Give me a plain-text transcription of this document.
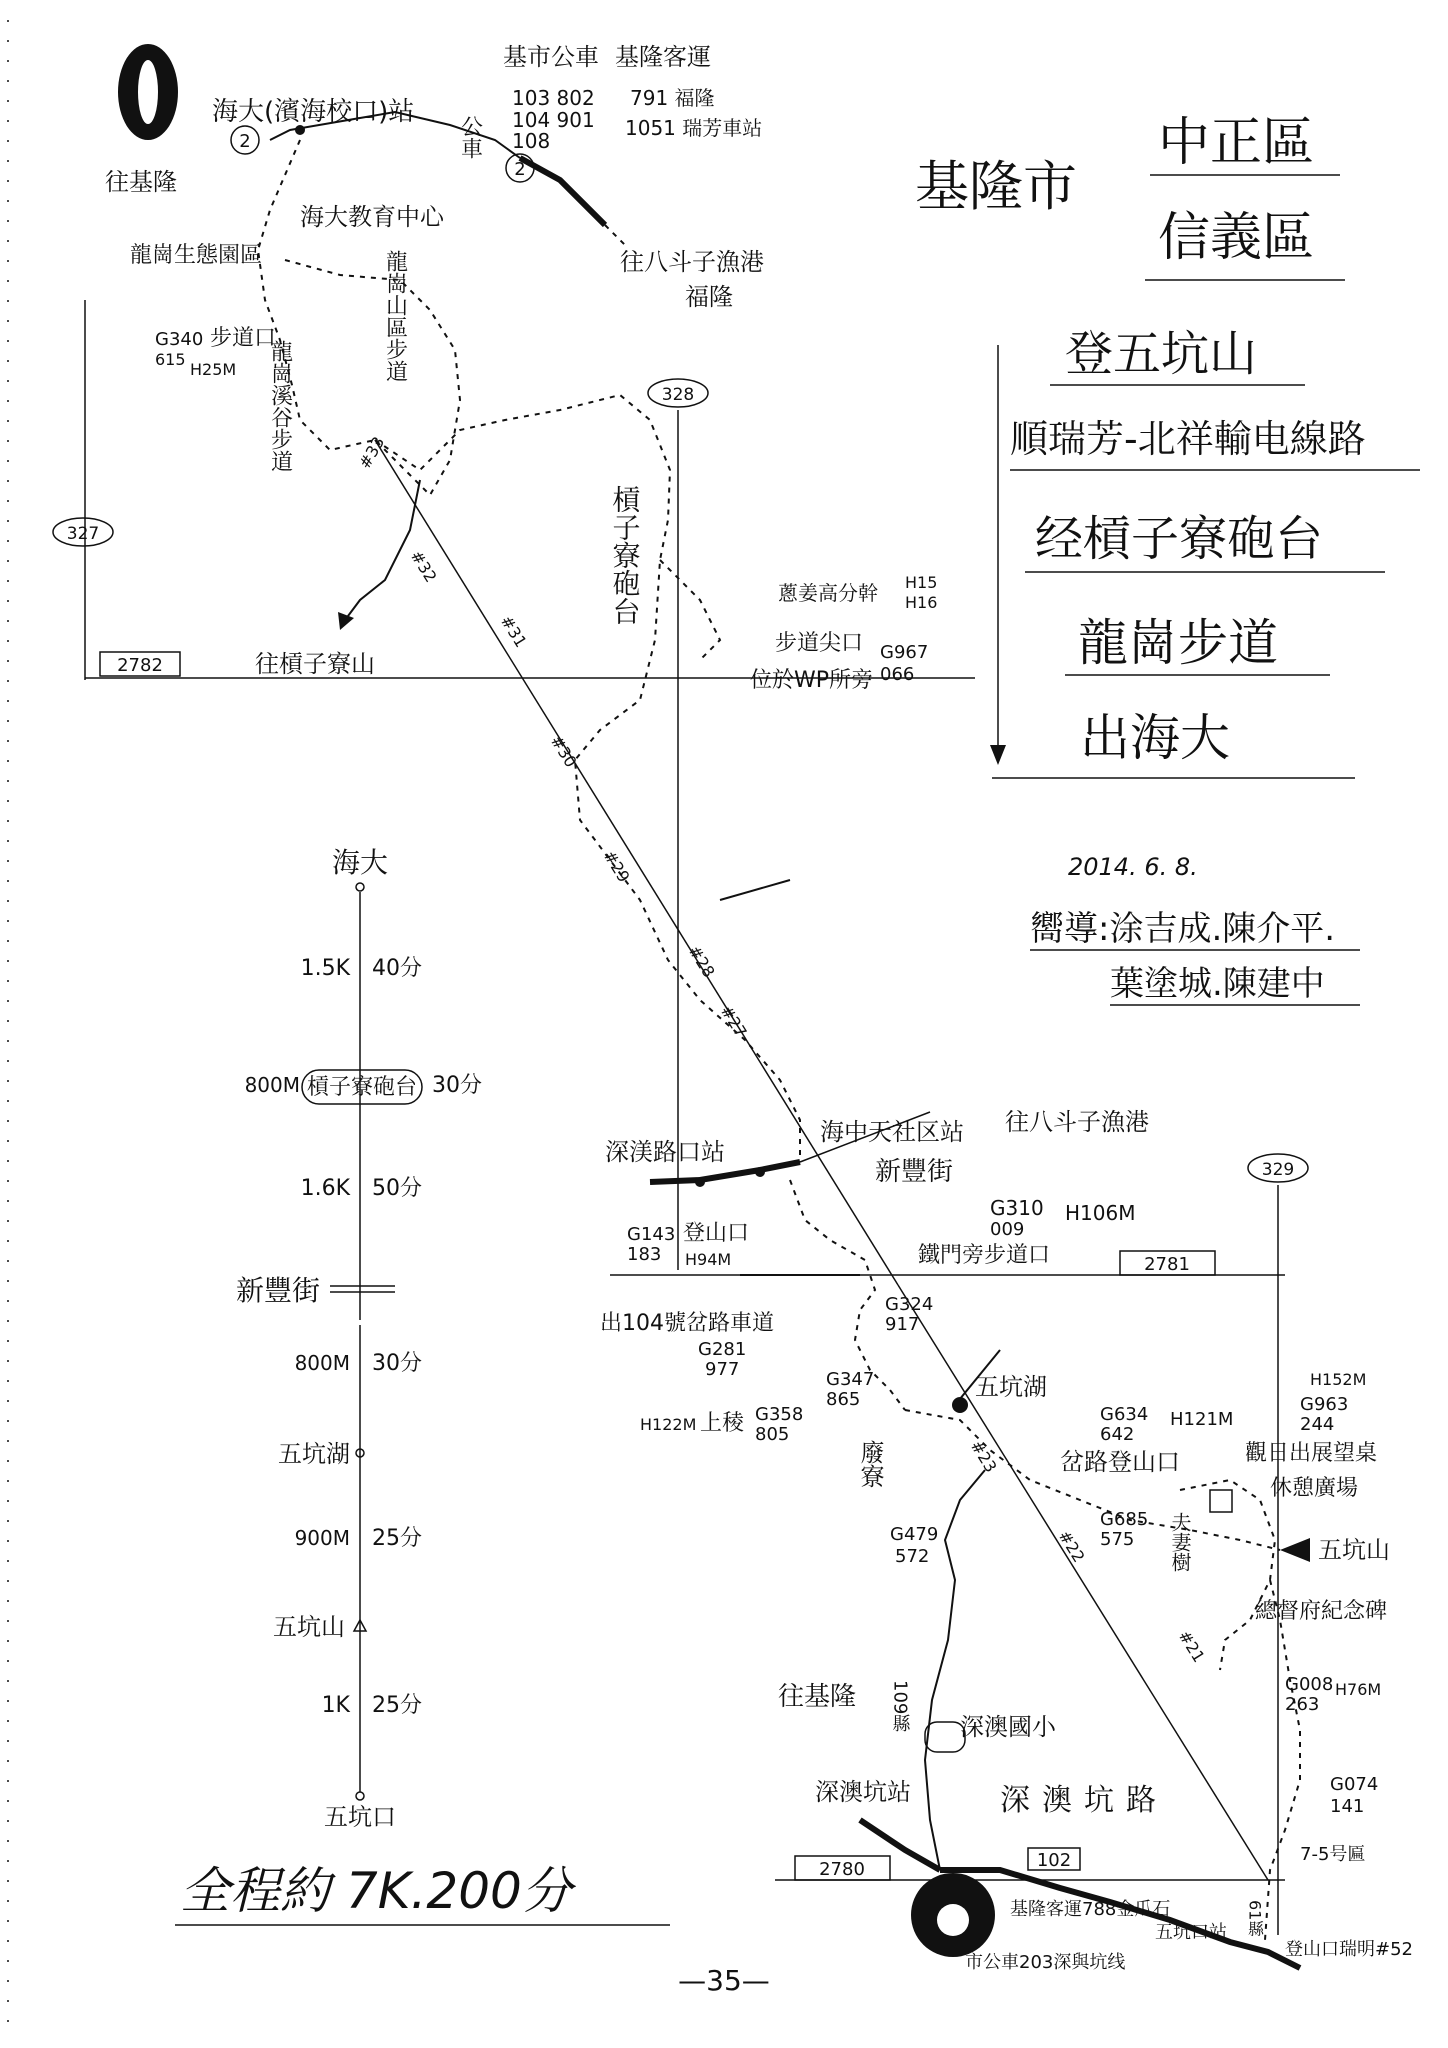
327
328
329
2782
2781
2780
基隆市
中正區
信義區
登五坑山
順瑞芳-北祥輸电線路
经槓子寮砲台
龍崗步道
出海大
2014. 6. 8.
嚮導:涂吉成.陳介平.
葉塗城.陳建中
海大(濱海校口)站
2
2
基市公車
公車
103 802
104 901
108
基隆客運
791 福隆
1051 瑞芳車站
往基隆
往八斗子漁港
福隆
海大教育中心
龍崗生態園區
G340
615
步道口
H25M 龍崗溪谷步道
龍崗山區步道
往槓子寮山
槓子寮砲台	蔥姜高分幹 H15
H16
步道尖口 G967
066
位於WP所旁
深渼路口站
海中天社区站 往八斗子漁港
新豐街
G310
009
H106M
G143
183
登山口
H94M	鐵門旁步道口
出104號岔路車道
G324
917
G281
977	G347
865	五坑湖
H122M 上稜 G358
805
廢寮
G634
642
H121M
岔路登山口
H152M
G963
244
觀日出展望桌
休憩廣場
G685
575 夫妻樹	五坑山
總督府紀念碑
G479
572
G008
263
H76M
G074
141
往基隆 109縣 深澳國小
深澳坑站	深澳坑路
102	7-5号匾
61縣
基隆客運788金瓜石
五坑口站
市公車203深與坑线
登山口瑞明#52
#33
#32
#31
#30
#29
#28
#27
#23
#22
#21
海大
1.5K 40分
800M 槓子寮砲台 30分
1.6K 50分
新豐街
800M 30分
五坑湖
900M 25分
五坑山
1K 25分
五坑口
全程約 7K.200分
—35—
